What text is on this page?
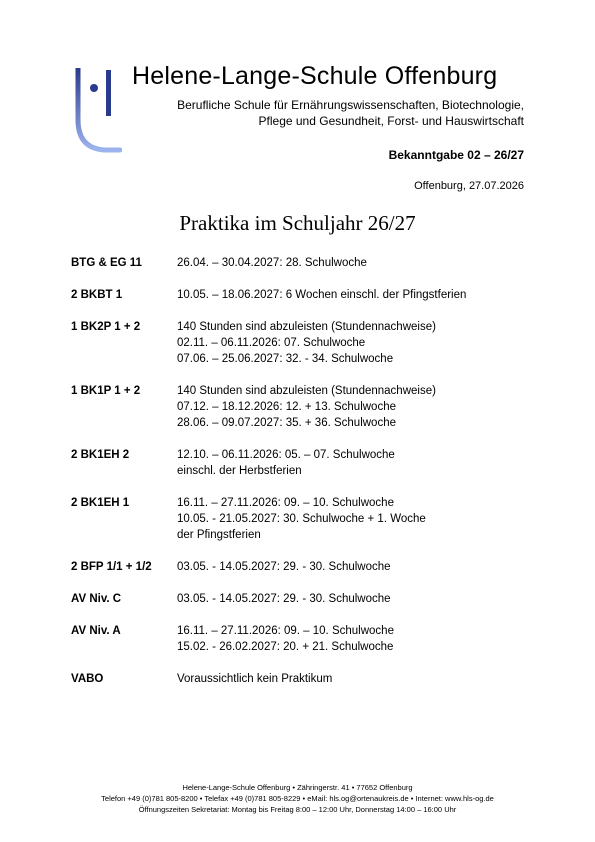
Helene-Lange-Schule Offenburg
Berufliche Schule für Ernährungswissenschaften, Biotechnologie,
Pflege und Gesundheit, Forst- und Hauswirtschaft
Bekanntgabe 02 – 26/27
Offenburg, 27.07.2026
Praktika im Schuljahr 26/27
BTG & EG 11	26.04. – 30.04.2027: 28. Schulwoche
2 BKBT 1	10.05. – 18.06.2027: 6 Wochen einschl. der Pfingstferien
1 BK2P 1 + 2	140 Stunden sind abzuleisten (Stundennachweise)
02.11. – 06.11.2026: 07. Schulwoche
07.06. – 25.06.2027: 32. - 34. Schulwoche
1 BK1P 1 + 2	140 Stunden sind abzuleisten (Stundennachweise)
07.12. – 18.12.2026: 12. + 13. Schulwoche
28.06. – 09.07.2027: 35. + 36. Schulwoche
2 BK1EH 2	12.10. – 06.11.2026: 05. – 07. Schulwoche
einschl. der Herbstferien
2 BK1EH 1	16.11. – 27.11.2026: 09. – 10. Schulwoche
10.05. - 21.05.2027: 30. Schulwoche + 1. Woche
der Pfingstferien
2 BFP 1/1 + 1/2	03.05. - 14.05.2027: 29. - 30. Schulwoche
AV Niv. C	03.05. - 14.05.2027: 29. - 30. Schulwoche
AV Niv. A	16.11. – 27.11.2026: 09. – 10. Schulwoche
15.02. - 26.02.2027: 20. + 21. Schulwoche
VABO	Voraussichtlich kein Praktikum
Helene-Lange-Schule Offenburg • Zähringerstr. 41 • 77652 Offenburg
Telefon +49 (0)781 805-8200 • Telefax +49 (0)781 805-8229 • eMail: hls.og@ortenaukreis.de • Internet: www.hls-og.de
Öffnungszeiten Sekretariat: Montag bis Freitag 8:00 – 12:00 Uhr, Donnerstag 14:00 – 16:00 Uhr
